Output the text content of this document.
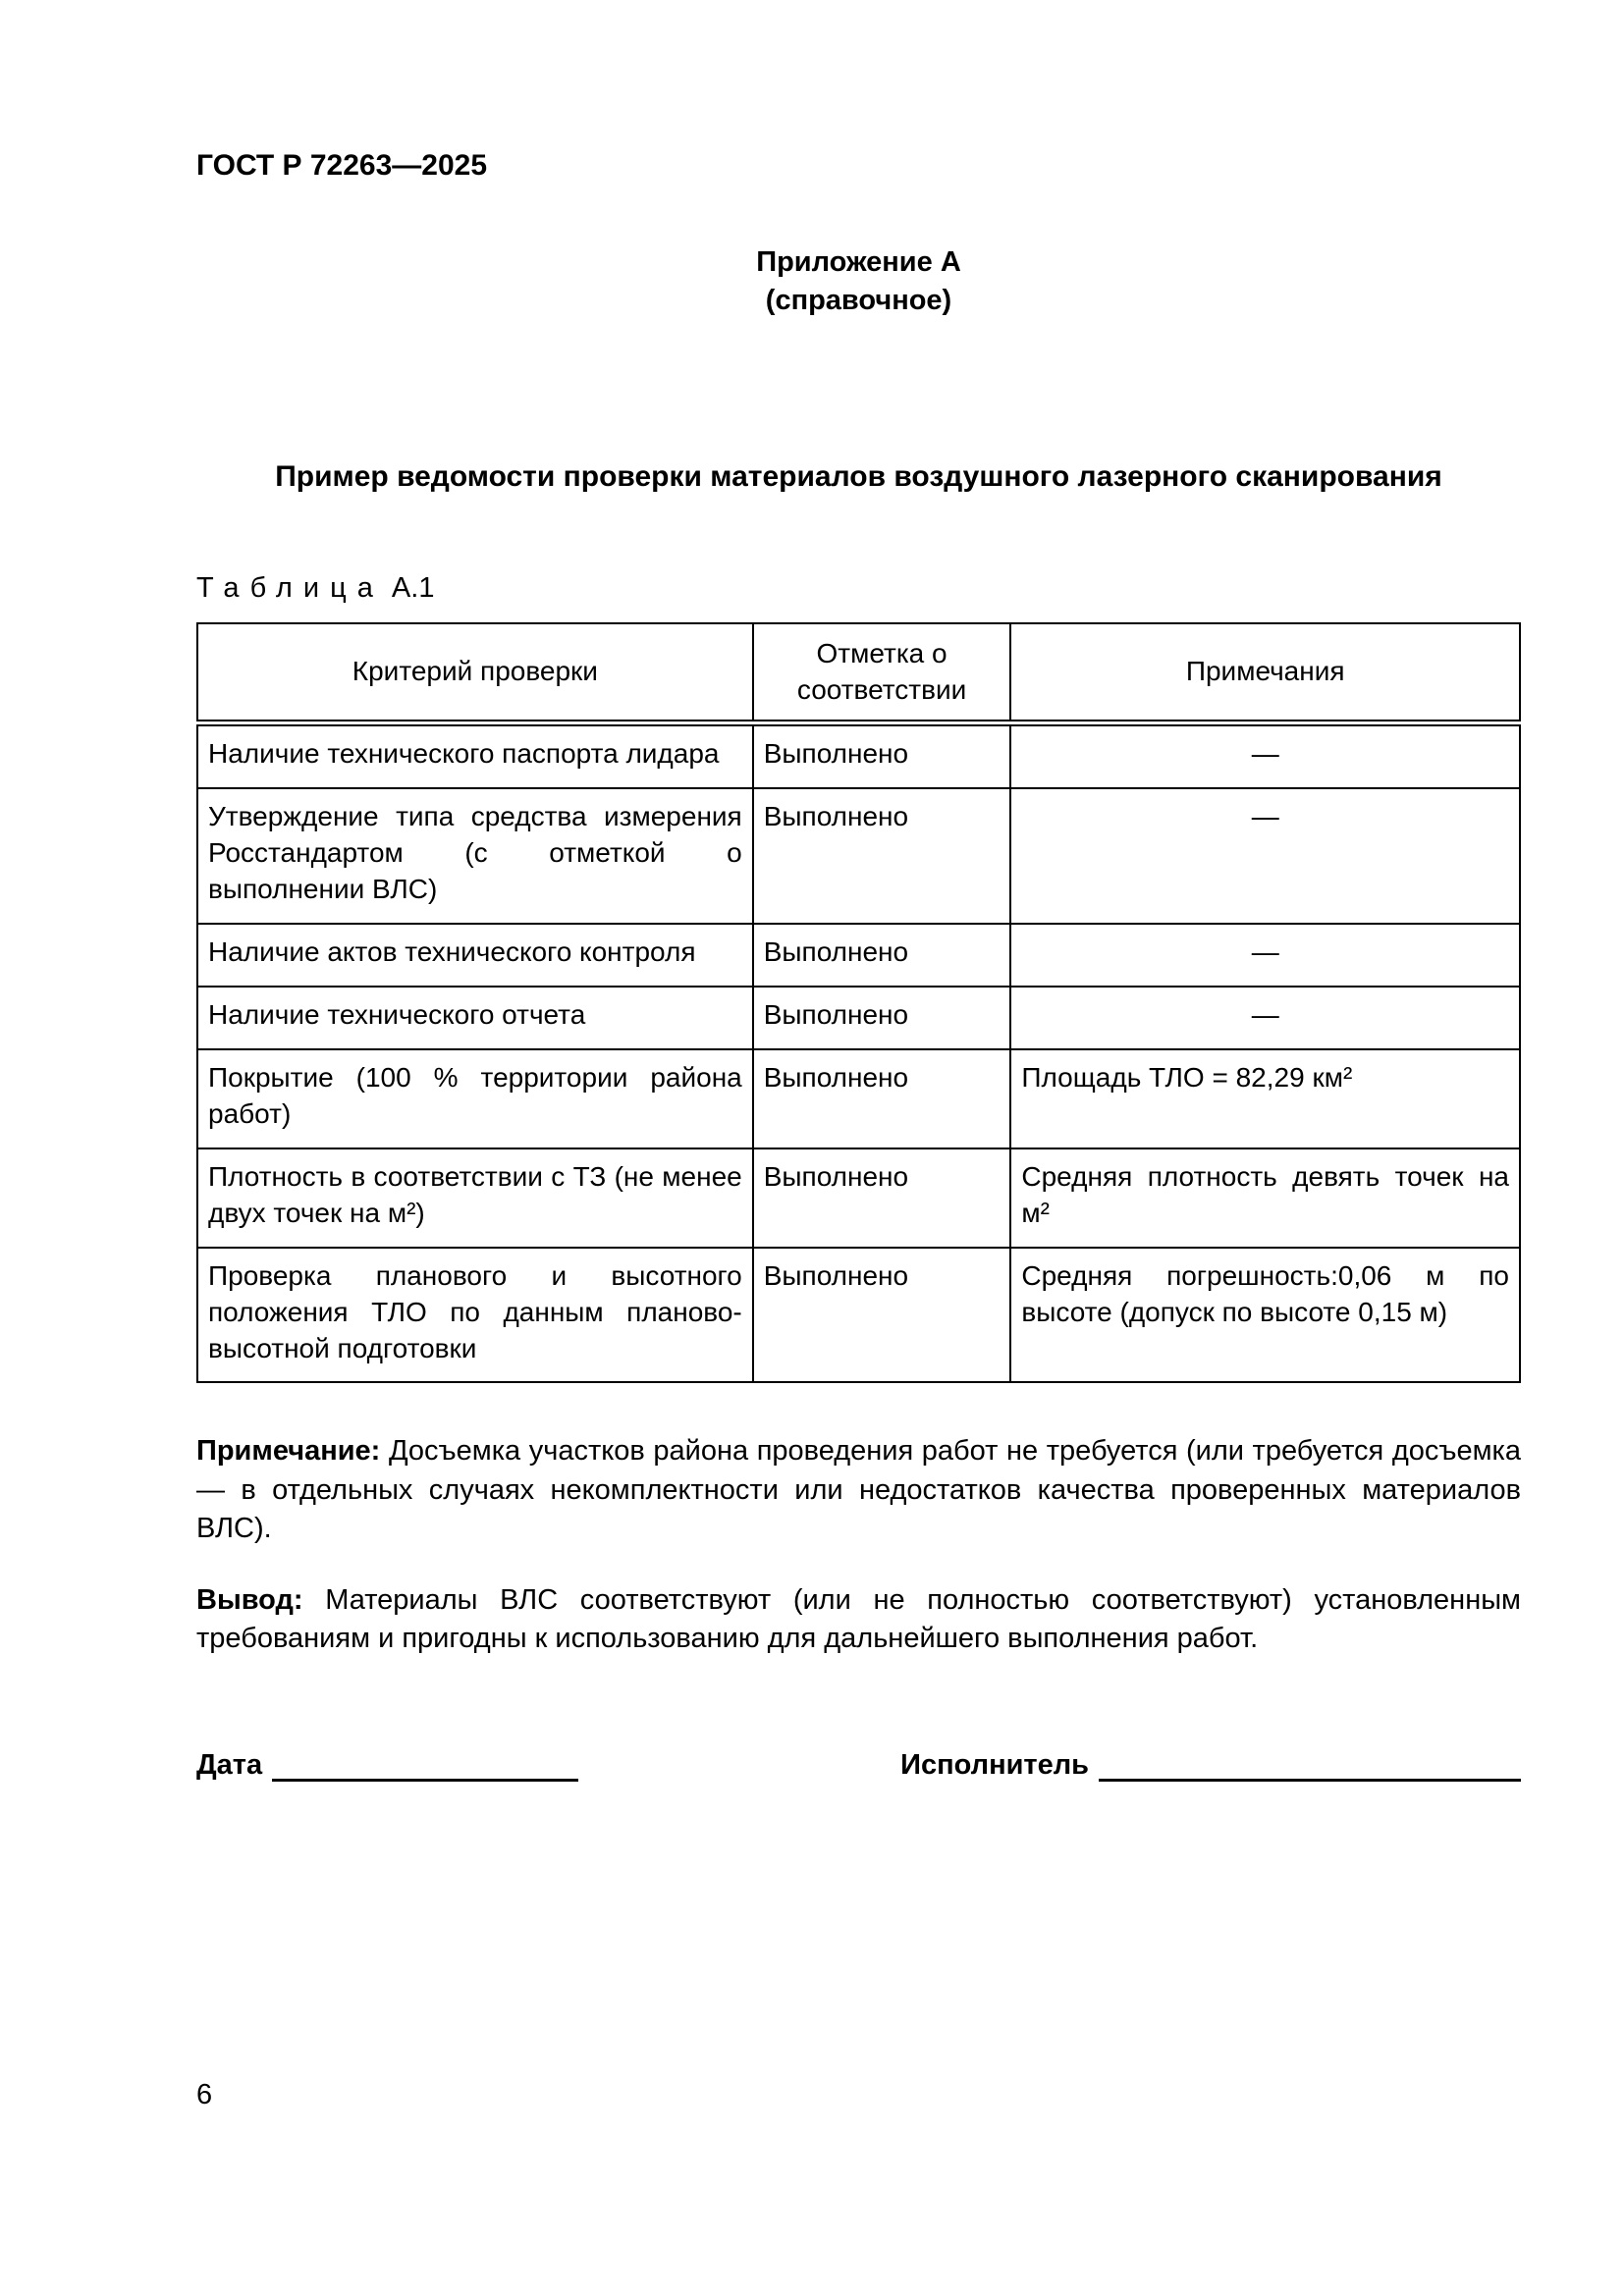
ГОСТ Р 72263—2025
Приложение А
(справочное)
Пример ведомости проверки материалов воздушного лазерного сканирования
Таблица А.1
Критерий проверки	Отметка о соответствии	Примечания
Наличие технического паспорта лидара	Выполнено	—
Утверждение типа средства измерения Росстандартом (с отметкой о выполнении ВЛС)	Выполнено	—
Наличие актов технического контроля	Выполнено	—
Наличие технического отчета	Выполнено	—
Покрытие (100 % территории района работ)	Выполнено	Площадь ТЛО = 82,29 км²
Плотность в соответствии с ТЗ (не менее двух точек на м²)	Выполнено	Средняя плотность девять точек на м²
Проверка планового и высотного положения ТЛО по данным планово-высотной подготовки	Выполнено	Средняя погрешность:0,06 м по высоте (допуск по высоте 0,15 м)

Примечание: Досъемка участков района проведения работ не требуется (или требуется досъемка — в отдельных случаях некомплектности или недостатков качества проверенных материалов ВЛС).

Вывод: Материалы ВЛС соответствуют (или не полностью соответствуют) установленным требованиям и пригодны к использованию для дальнейшего выполнения работ.

Дата	Исполнитель
6
